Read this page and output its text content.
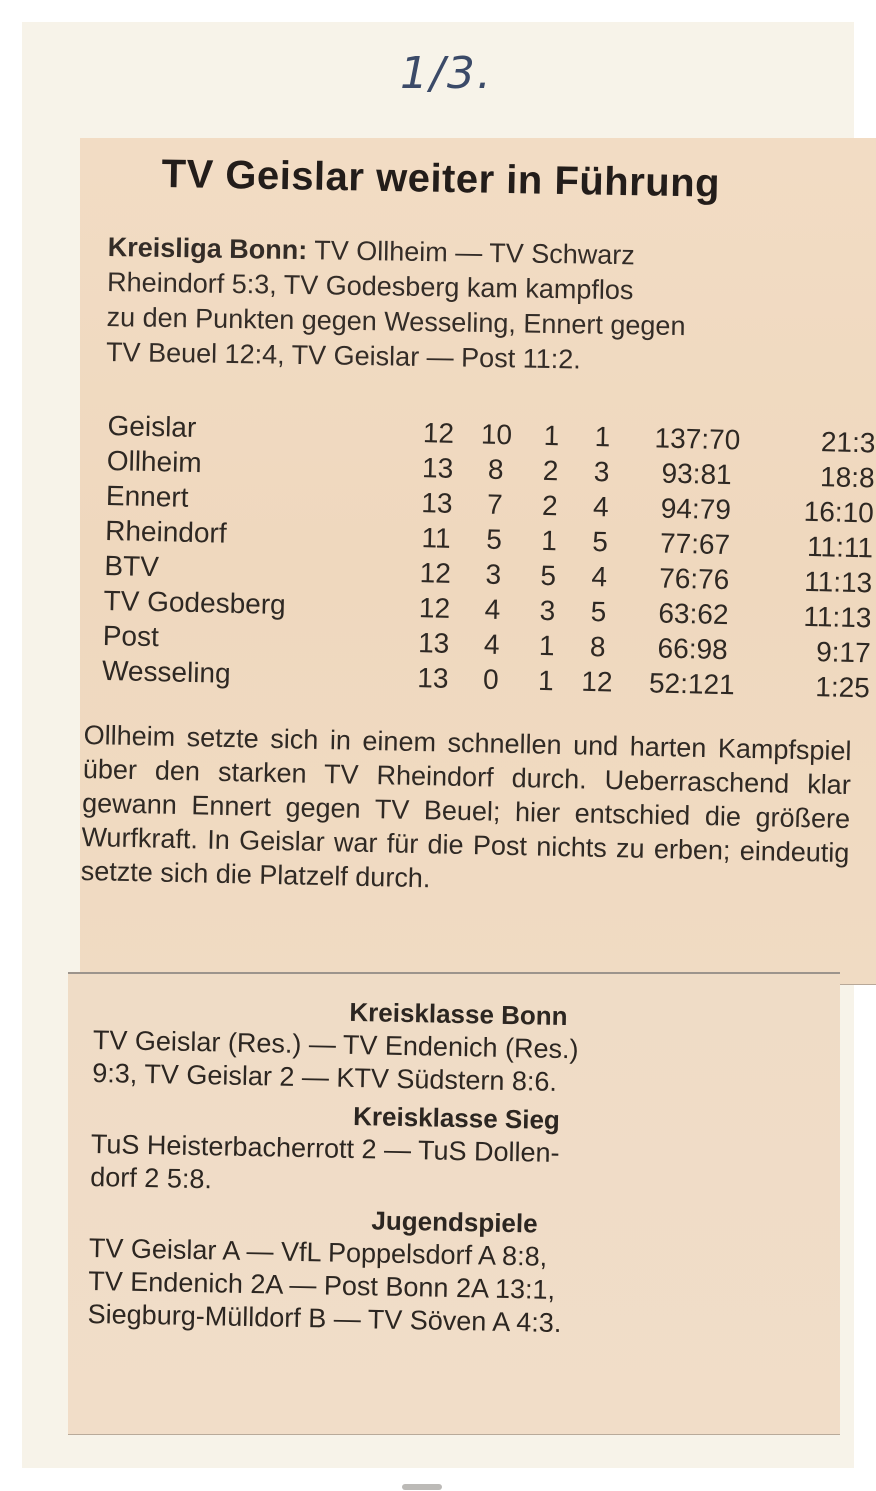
1/3.
TV Geislar weiter in Führung
Kreisliga Bonn: TV Ollheim — TV Schwarz
Rheindorf 5:3, TV Godesberg kam kampflos
zu den Punkten gegen Wesseling, Ennert gegen
TV Beuel 12:4, TV Geislar — Post 11:2.
Geislar	12	10	1	1	137:70	21:3
Ollheim	13	8	2	3	93:81	18:8
Ennert	13	7	2	4	94:79	16:10
Rheindorf	11	5	1	5	77:67	11:11
BTV	12	3	5	4	76:76	11:13
TV Godesberg	12	4	3	5	63:62	11:13
Post	13	4	1	8	66:98	9:17
Wesseling	13	0	1	12	52:121	1:25
Ollheim setzte sich in einem schnellen und harten Kampfspiel über den starken TV Rheindorf durch. Ueberraschend klar gewann Ennert gegen TV Beuel; hier entschied die größere Wurfkraft. In Geislar war für die Post nichts zu erben; eindeutig setzte sich die Platzelf durch.
Kreisklasse Bonn
TV Geislar (Res.) — TV Endenich (Res.)
9:3, TV Geislar 2 — KTV Südstern 8:6.
Kreisklasse Sieg
TuS Heisterbacherrott 2 — TuS Dollen-
dorf 2 5:8.
Jugendspiele
TV Geislar A — VfL Poppelsdorf A 8:8,
TV Endenich 2A — Post Bonn 2A 13:1,
Siegburg-Mülldorf B — TV Söven A 4:3.
